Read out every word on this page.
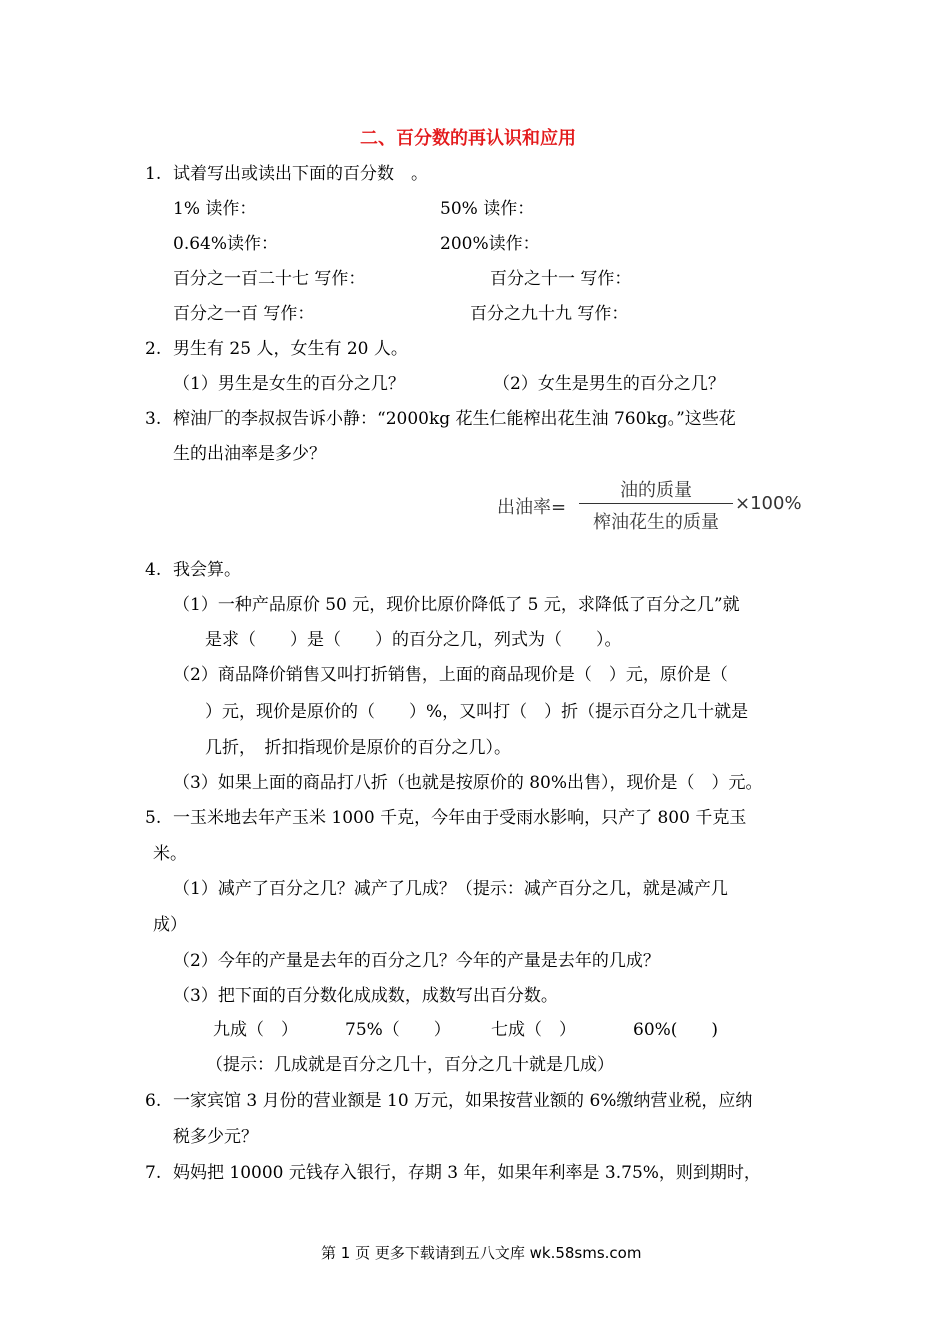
二、百分数的再认识和应用
1. 试着写出或读出下面的百分数　。
1% 读作：	50% 读作：
0.64%读作：	200%读作：
百分之一百二十七 写作：	百分之十一 写作：
百分之一百 写作：	百分之九十九 写作：
2. 男生有 25 人，女生有 20 人。
（1）男生是女生的百分之几？	（2）女生是男生的百分之几？
3. 榨油厂的李叔叔告诉小静：“2000kg 花生仁能榨出花生油 760kg。”这些花
生的出油率是多少？
出油率=
油的质量
榨油花生的质量
×100%
4. 我会算。
（1）一种产品原价 50 元，现价比原价降低了 5 元，求降低了百分之几”就
是求（　　）是（　　）的百分之几，列式为（　　）。
（2）商品降价销售又叫打折销售，上面的商品现价是（　）元，原价是（
）元，现价是原价的（　　）%，又叫打（　）折（提示百分之几十就是
几折，　折扣指现价是原价的百分之几）。
（3）如果上面的商品打八折（也就是按原价的 80%出售），现价是（　）元。
5. 一玉米地去年产玉米 1000 千克，今年由于受雨水影响，只产了 800 千克玉
米。
（1）减产了百分之几？减产了几成？（提示：减产百分之几，就是减产几
成）
（2）今年的产量是去年的百分之几？今年的产量是去年的几成？
（3）把下面的百分数化成成数，成数写出百分数。
九成（　）	75%（　　） 七成（　）	60%(　　)
（提示：几成就是百分之几十，百分之几十就是几成）
6. 一家宾馆 3 月份的营业额是 10 万元，如果按营业额的 6%缴纳营业税，应纳
税多少元？
7. 妈妈把 10000 元钱存入银行，存期 3 年，如果年利率是 3.75%，则到期时，
第 1 页 更多下载请到五八文库 wk.58sms.com
